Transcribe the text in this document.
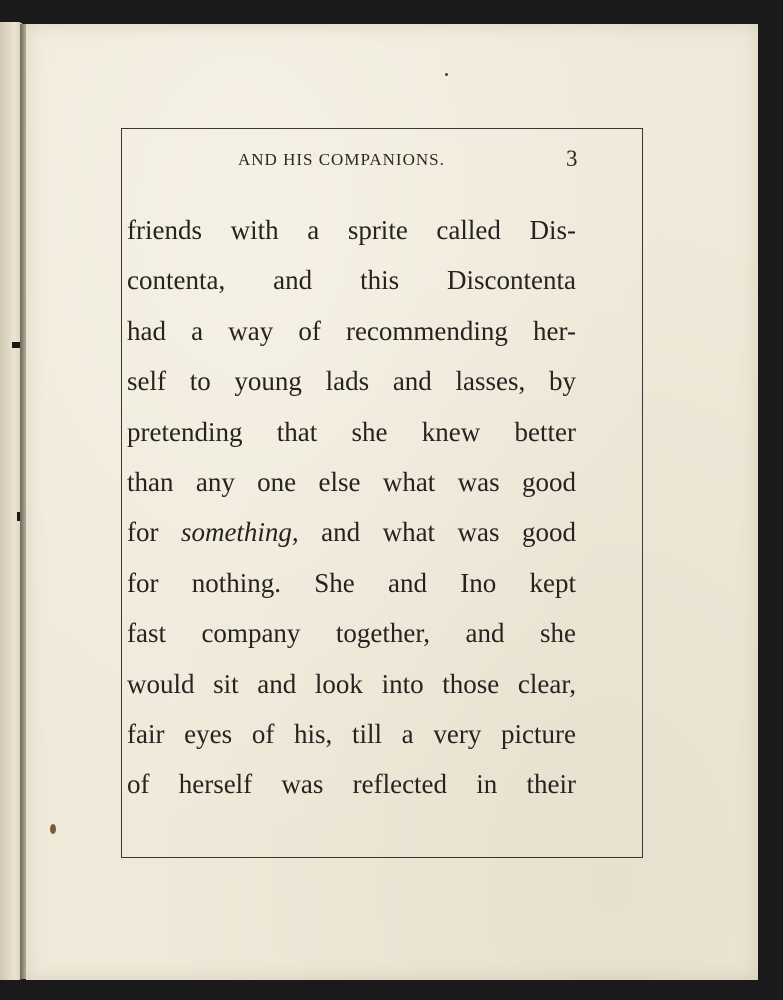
AND HIS COMPANIONS.	3
friends with a sprite called Dis-
contenta, and this Discontenta
had a way of recommending her-
self to young lads and lasses, by
pretending that she knew better
than any one else what was good
for something, and what was good
for nothing. She and Ino kept
fast company together, and she
would sit and look into those clear,
fair eyes of his, till a very picture
of herself was reflected in their
